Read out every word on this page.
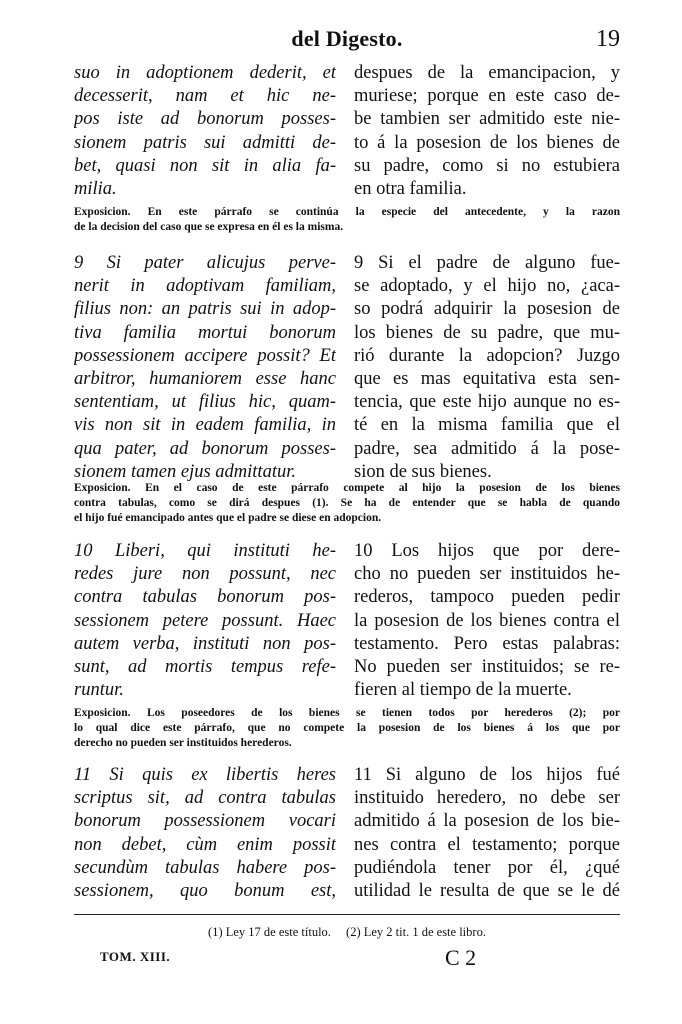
del Digesto.	19
suo in adoptionem dederit, et
decesserit, nam et hic ne-
pos iste ad bonorum posses-
sionem patris sui admitti de-
bet, quasi non sit in alia fa-
milia.
despues de la emancipacion, y
muriese; porque en este caso de-
be tambien ser admitido este nie-
to á la posesion de los bienes de
su padre, como si no estubiera
en otra familia.
Exposicion. En este párrafo se continúa la especie del antecedente, y la razon
de la decision del caso que se expresa en él es la misma.
9 Si pater alicujus perve-
nerit in adoptivam familiam,
filius non: an patris sui in adop-
tiva familia mortui bonorum
possessionem accipere possit? Et
arbitror, humaniorem esse hanc
sententiam, ut filius hic, quam-
vis non sit in eadem familia, in
qua pater, ad bonorum posses-
sionem tamen ejus admittatur.
9 Si el padre de alguno fue-
se adoptado, y el hijo no, ¿aca-
so podrá adquirir la posesion de
los bienes de su padre, que mu-
rió durante la adopcion? Juzgo
que es mas equitativa esta sen-
tencia, que este hijo aunque no es-
té en la misma familia que el
padre, sea admitido á la pose-
sion de sus bienes.
Exposicion. En el caso de este párrafo compete al hijo la posesion de los bienes
contra tabulas, como se dirá despues (1). Se ha de entender que se habla de quando
el hijo fué emancipado antes que el padre se diese en adopcion.
10 Liberi, qui instituti he-
redes jure non possunt, nec
contra tabulas bonorum pos-
sessionem petere possunt. Haec
autem verba, instituti non pos-
sunt, ad mortis tempus refe-
runtur.
10 Los hijos que por dere-
cho no pueden ser instituidos he-
rederos, tampoco pueden pedir
la posesion de los bienes contra el
testamento. Pero estas palabras:
No pueden ser instituidos; se re-
fieren al tiempo de la muerte.
Exposicion. Los poseedores de los bienes se tienen todos por herederos (2); por
lo qual dice este párrafo, que no compete la posesion de los bienes á los que por
derecho no pueden ser instituidos herederos.
11 Si quis ex libertis heres
scriptus sit, ad contra tabulas
bonorum possessionem vocari
non debet, cùm enim possit
secundùm tabulas habere pos-
sessionem, quo bonum est,
11 Si alguno de los hijos fué
instituido heredero, no debe ser
admitido á la posesion de los bie-
nes contra el testamento; porque
pudiéndola tener por él, ¿qué
utilidad le resulta de que se le dé
(1) Ley 17 de este título. (2) Ley 2 tit. 1 de este libro.
TOM. XIII.	C 2
